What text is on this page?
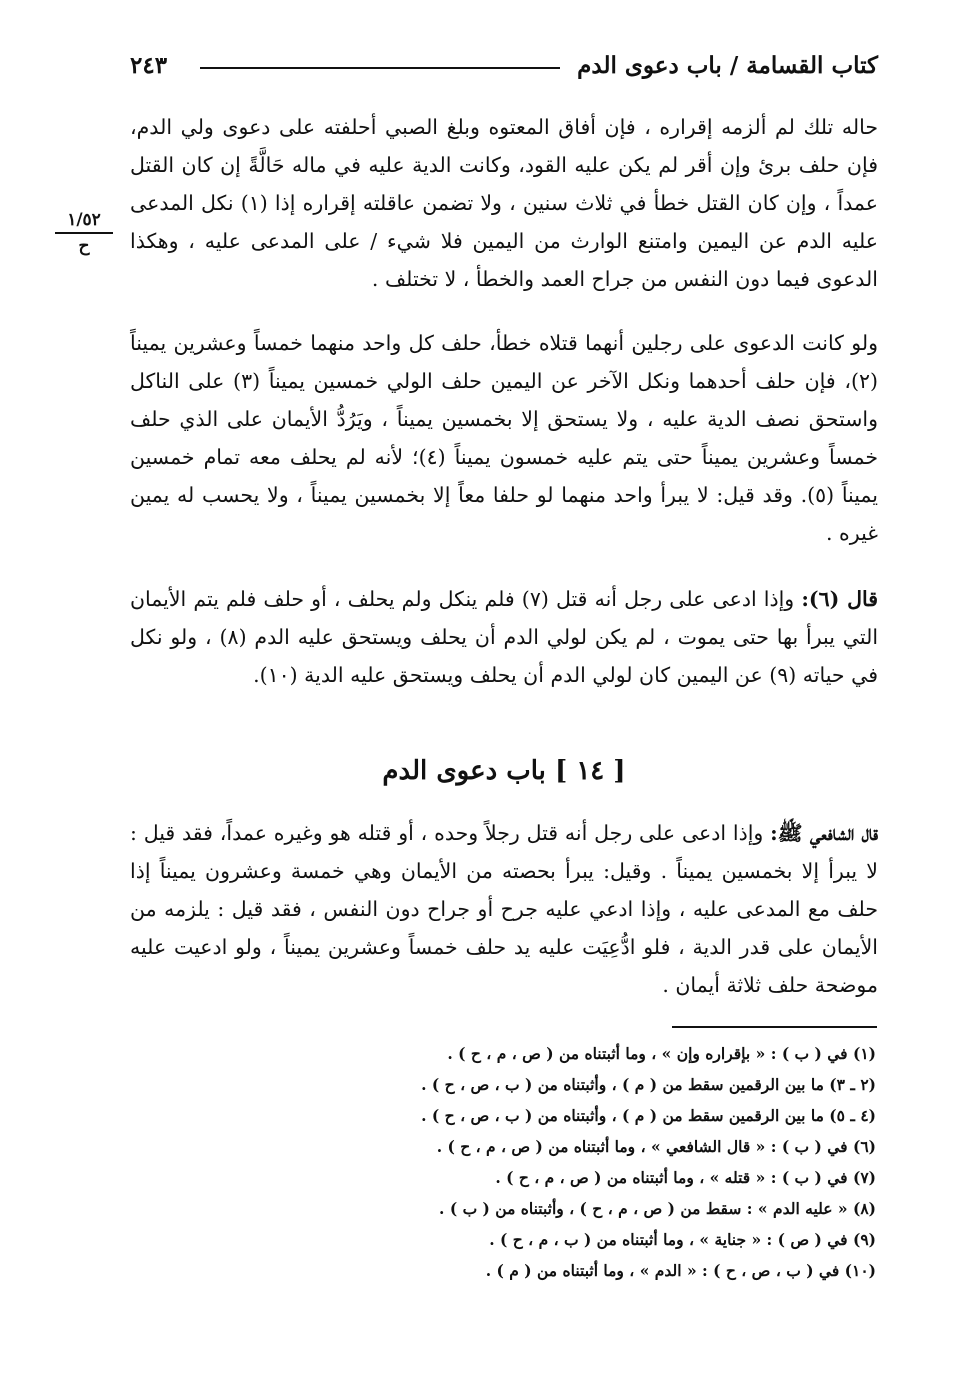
كتاب القسامة / باب دعوى الدم
٢٤٣
١/٥٢
ح

حاله تلك لم ألزمه إقراره ، فإن أفاق المعتوه وبلغ الصبي أحلفته على دعوى ولي الدم، فإن حلف برئ وإن أقر لم يكن عليه القود، وكانت الدية عليه في ماله حَالَّةً إن كان القتل عمداً ، وإن كان القتل خطأ في ثلاث سنين ، ولا تضمن عاقلته إقراره إذا (١) نكل المدعى عليه الدم عن اليمين وامتنع الوارث من اليمين فلا شيء / على المدعى عليه ، وهكذا الدعوى فيما دون النفس من جراح العمد والخطأ ، لا تختلف .

ولو كانت الدعوى على رجلين أنهما قتلاه خطأ، حلف كل واحد منهما خمساً وعشرين يميناً (٢)، فإن حلف أحدهما ونكل الآخر عن اليمين حلف الولي خمسين يميناً (٣) على الناكل واستحق نصف الدية عليه ، ولا يستحق إلا بخمسين يميناً ، ويَرُدُّ الأيمان على الذي حلف خمساً وعشرين يميناً حتى يتم عليه خمسون يميناً (٤)؛ لأنه لم يحلف معه تمام خمسين يميناً (٥). وقد قيل: لا يبرأ واحد منهما لو حلفا معاً إلا بخمسين يميناً ، ولا يحسب له يمين غيره .

قال (٦): وإذا ادعى على رجل أنه قتل (٧) فلم ينكل ولم يحلف ، أو حلف فلم يتم الأيمان التي يبرأ بها حتى يموت ، لم يكن لولي الدم أن يحلف ويستحق عليه الدم (٨) ، ولو نكل في حياته (٩) عن اليمين كان لولي الدم أن يحلف ويستحق عليه الدية (١٠).

[ ١٤ ] باب دعوى الدم

قال الشافعي ﷺ: وإذا ادعى على رجل أنه قتل رجلاً وحده ، أو قتله هو وغيره عمداً، فقد قيل : لا يبرأ إلا بخمسين يميناً . وقيل: يبرأ بحصته من الأيمان وهي خمسة وعشرون يميناً إذا حلف مع المدعى عليه ، وإذا ادعي عليه جرح أو جراح دون النفس ، فقد قيل : يلزمه من الأيمان على قدر الدية ، فلو ادُّعِيَت عليه يد حلف خمساً وعشرين يميناً ، ولو ادعيت عليه موضحة حلف ثلاثة أيمان .

(١) في ( ب ) : « بإقراره وإن » ، وما أثبتناه من ( ص ، م ، ح ) .
(٢ ـ ٣) ما بين الرقمين سقط من ( م ) ، وأثبتناه من ( ب ، ص ، ح ) .
(٤ ـ ٥) ما بين الرقمين سقط من ( م ) ، وأثبتناه من ( ب ، ص ، ح ) .
(٦) في ( ب ) : « قال الشافعي » ، وما أثبتناه من ( ص ، م ، ح ) .
(٧) في ( ب ) : « قتله » ، وما أثبتناه من ( ص ، م ، ح ) .
(٨) « عليه الدم » : سقط من ( ص ، م ، ح ) ، وأثبتناه من ( ب ) .
(٩) في ( ص ) : « جناية » ، وما أثبتناه من ( ب ، م ، ح ) .
(١٠) في ( ب ، ص ، ح ) : « الدم » ، وما أثبتناه من ( م ) .
